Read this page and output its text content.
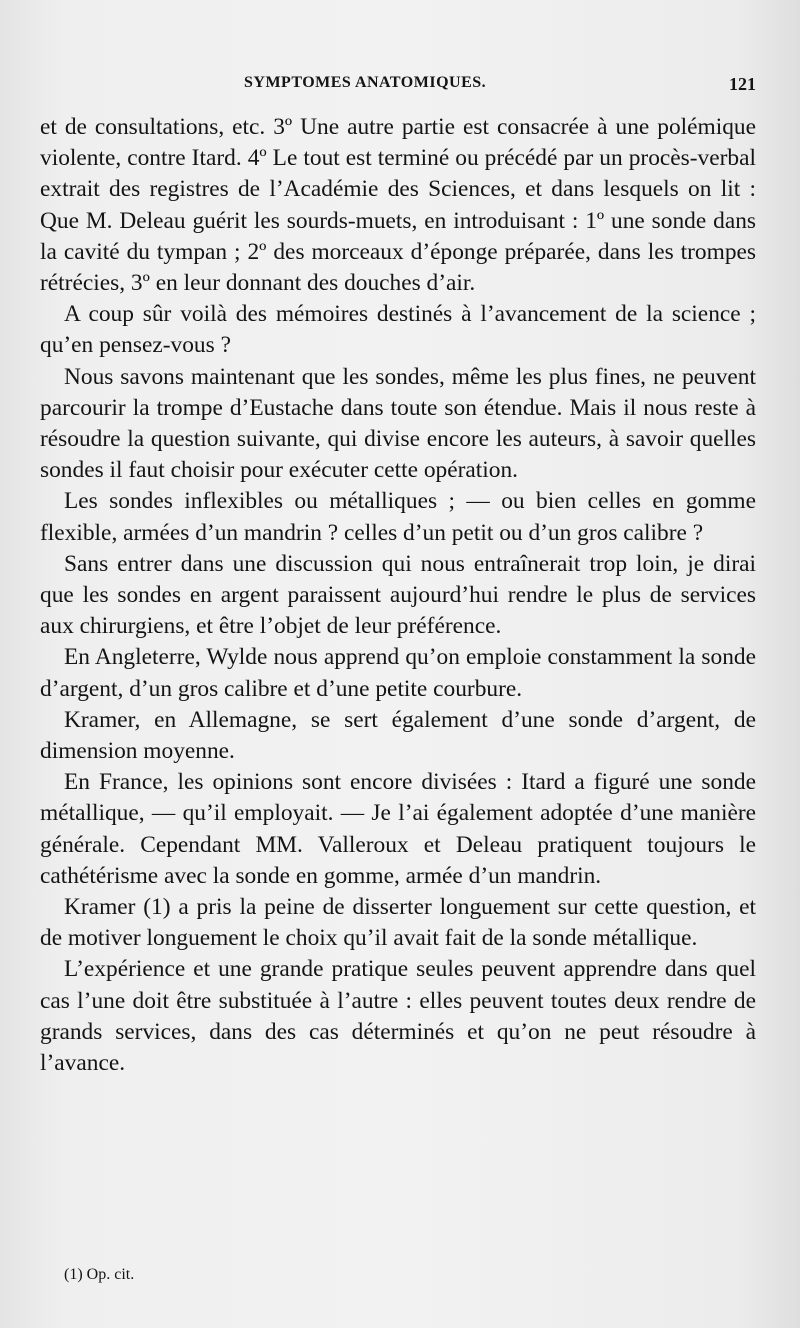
SYMPTOMES ANATOMIQUES.	121

et de consultations, etc. 3º Une autre partie est consacrée à une polémique violente, contre Itard. 4º Le tout est terminé ou précédé par un procès-verbal extrait des registres de l’Académie des Sciences, et dans lesquels on lit : Que M. Deleau guérit les sourds-muets, en introduisant : 1º une sonde dans la cavité du tympan ; 2º des morceaux d’éponge préparée, dans les trompes rétrécies, 3º en leur donnant des douches d’air.

A coup sûr voilà des mémoires destinés à l’avancement de la science ; qu’en pensez-vous ?

Nous savons maintenant que les sondes, même les plus fines, ne peuvent parcourir la trompe d’Eustache dans toute son étendue. Mais il nous reste à résoudre la question suivante, qui divise encore les auteurs, à savoir quelles sondes il faut choisir pour exécuter cette opération.

Les sondes inflexibles ou métalliques ; — ou bien celles en gomme flexible, armées d’un mandrin ? celles d’un petit ou d’un gros calibre ?

Sans entrer dans une discussion qui nous entraînerait trop loin, je dirai que les sondes en argent paraissent aujourd’hui rendre le plus de services aux chirurgiens, et être l’objet de leur préférence.

En Angleterre, Wylde nous apprend qu’on emploie constamment la sonde d’argent, d’un gros calibre et d’une petite courbure.

Kramer, en Allemagne, se sert également d’une sonde d’argent, de dimension moyenne.

En France, les opinions sont encore divisées : Itard a figuré une sonde métallique, — qu’il employait. — Je l’ai également adoptée d’une manière générale. Cependant MM. Valleroux et Deleau pratiquent toujours le cathétérisme avec la sonde en gomme, armée d’un mandrin.

Kramer (1) a pris la peine de disserter longuement sur cette question, et de motiver longuement le choix qu’il avait fait de la sonde métallique.

L’expérience et une grande pratique seules peuvent apprendre dans quel cas l’une doit être substituée à l’autre : elles peuvent toutes deux rendre de grands services, dans des cas déterminés et qu’on ne peut résoudre à l’avance.

(1) Op. cit.
